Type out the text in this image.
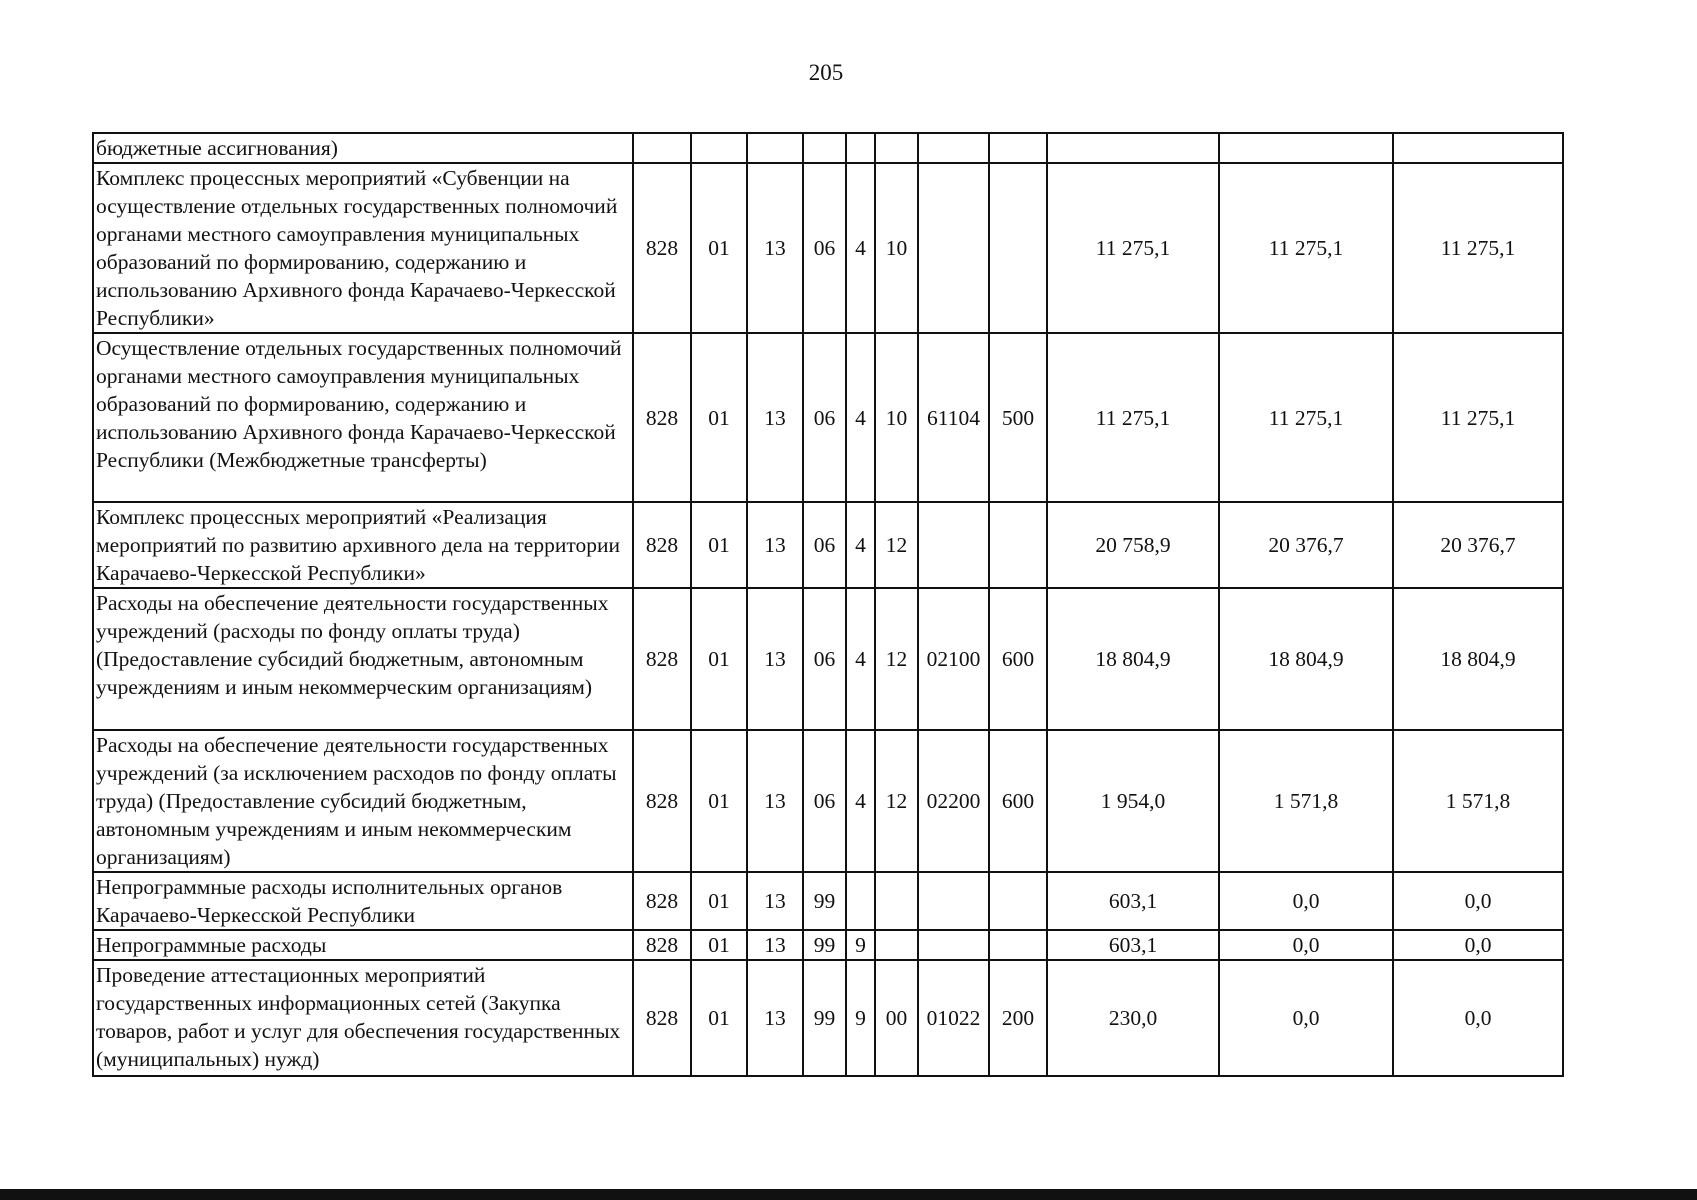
205
бюджетные ассигнования)											
Комплекс процессных мероприятий «Субвенции на осуществление отдельных государственных полномочий органами местного самоуправления муниципальных образований по формированию, содержанию и использованию Архивного фонда Карачаево-Черкесской Республики»	828	01	13	06	4	10			11 275,1	11 275,1	11 275,1
Осуществление отдельных государственных полномочий органами местного самоуправления муниципальных образований по формированию, содержанию и использованию Архивного фонда Карачаево-Черкесской Республики (Межбюджетные трансферты)	828	01	13	06	4	10	61104	500	11 275,1	11 275,1	11 275,1
Комплекс процессных мероприятий «Реализация мероприятий по развитию архивного дела на территории Карачаево-Черкесской Республики»	828	01	13	06	4	12			20 758,9	20 376,7	20 376,7
Расходы на обеспечение деятельности государственных учреждений (расходы по фонду оплаты труда) (Предоставление субсидий бюджетным, автономным учреждениям и иным некоммерческим организациям)	828	01	13	06	4	12	02100	600	18 804,9	18 804,9	18 804,9
Расходы на обеспечение деятельности государственных учреждений (за исключением расходов по фонду оплаты труда) (Предоставление субсидий бюджетным, автономным учреждениям и иным некоммерческим организациям)	828	01	13	06	4	12	02200	600	1 954,0	1 571,8	1 571,8
Непрограммные расходы исполнительных органов Карачаево-Черкесской Республики	828	01	13	99					603,1	0,0	0,0
Непрограммные расходы	828	01	13	99	9				603,1	0,0	0,0
Проведение аттестационных мероприятий государственных информационных сетей (Закупка товаров, работ и услуг для обеспечения государственных (муниципальных) нужд)	828	01	13	99	9	00	01022	200	230,0	0,0	0,0
